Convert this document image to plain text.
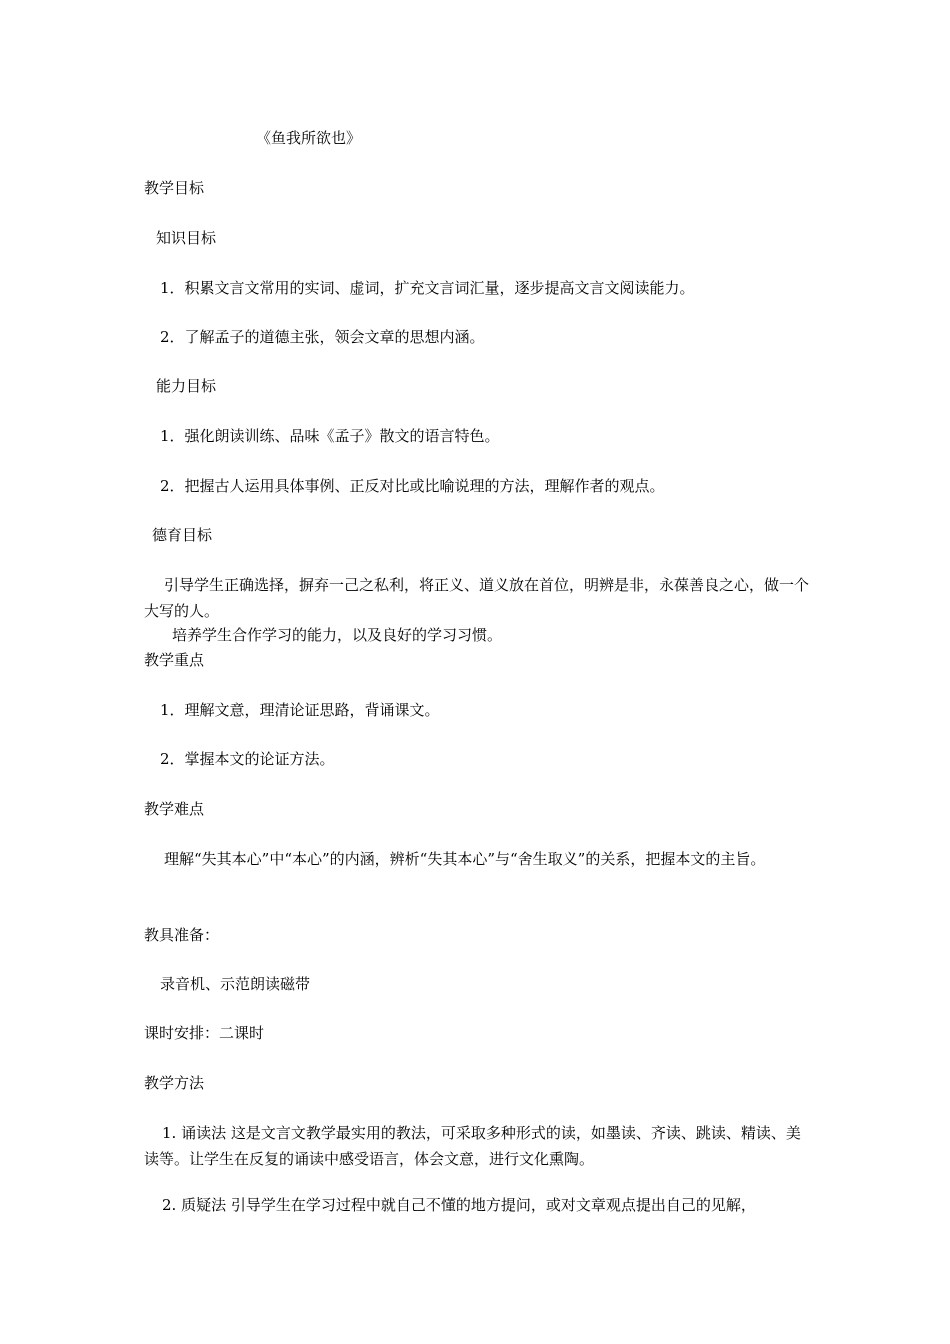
《鱼我所欲也》
教学目标
知识目标
1．积累文言文常用的实词、虚词，扩充文言词汇量，逐步提高文言文阅读能力。
2．了解孟子的道德主张，领会文章的思想内涵。
能力目标
1．强化朗读训练、品味《孟子》散文的语言特色。
2．把握古人运用具体事例、正反对比或比喻说理的方法，理解作者的观点。
德育目标
引导学生正确选择，摒弃一己之私利，将正义、道义放在首位，明辨是非，永葆善良之心，做一个大写的人。
培养学生合作学习的能力，以及良好的学习习惯。
教学重点
1．理解文意，理清论证思路，背诵课文。
2．掌握本文的论证方法。
教学难点
理解“失其本心”中“本心”的内涵，辨析“失其本心”与“舍生取义”的关系，把握本文的主旨。
教具准备：
录音机、示范朗读磁带
课时安排：二课时
教学方法
1. 诵读法 这是文言文教学最实用的教法，可采取多种形式的读，如墨读、齐读、跳读、精读、美读等。让学生在反复的诵读中感受语言，体会文意，进行文化熏陶。
2. 质疑法 引导学生在学习过程中就自己不懂的地方提问，或对文章观点提出自己的见解，
